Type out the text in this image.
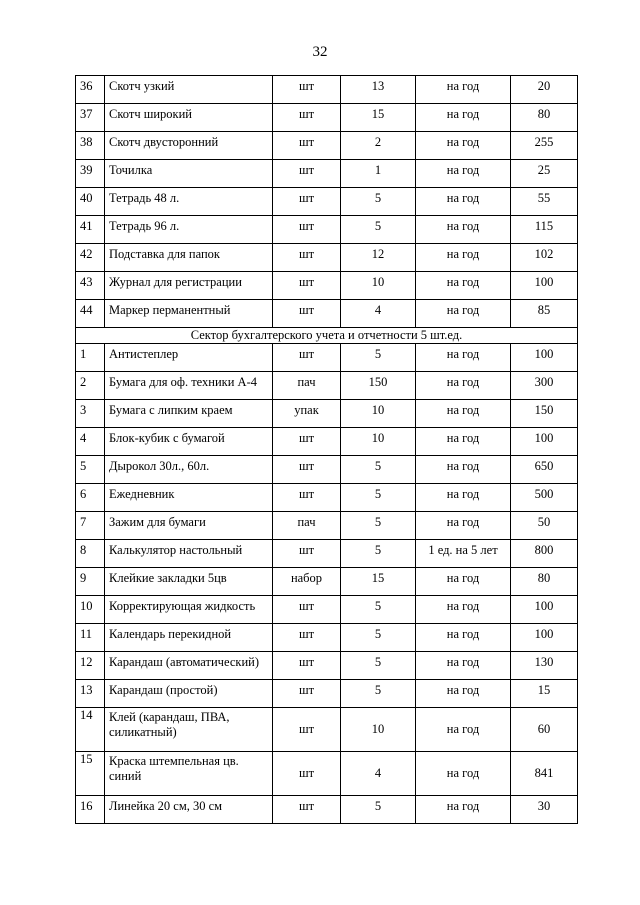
32
36	Скотч узкий	шт	13	на год	20
37	Скотч широкий	шт	15	на год	80
38	Скотч двусторонний	шт	2	на год	255
39	Точилка	шт	1	на год	25
40	Тетрадь 48 л.	шт	5	на год	55
41	Тетрадь 96 л.	шт	5	на год	115
42	Подставка для папок	шт	12	на год	102
43	Журнал для регистрации	шт	10	на год	100
44	Маркер перманентный	шт	4	на год	85
Сектор бухгалтерского учета и отчетности 5 шт.ед.					
1	Антистеплер	шт	5	на год	100
2	Бумага для оф. техники А-4	пач	150	на год	300
3	Бумага с липким краем	упак	10	на год	150
4	Блок-кубик с бумагой	шт	10	на год	100
5	Дырокол 30л., 60л.	шт	5	на год	650
6	Ежедневник	шт	5	на год	500
7	Зажим для бумаги	пач	5	на год	50
8	Калькулятор настольный	шт	5	1 ед. на 5 лет	800
9	Клейкие закладки 5цв	набор	15	на год	80
10	Корректирующая жидкость	шт	5	на год	100
11	Календарь перекидной	шт	5	на год	100
12	Карандаш (автоматический)	шт	5	на год	130
13	Карандаш (простой)	шт	5	на год	15
14	Клей (карандаш, ПВА, силикатный)	шт	10	на год	60
15	Краска штемпельная цв. синий	шт	4	на год	841
16	Линейка 20 см, 30 см	шт	5	на год	30
